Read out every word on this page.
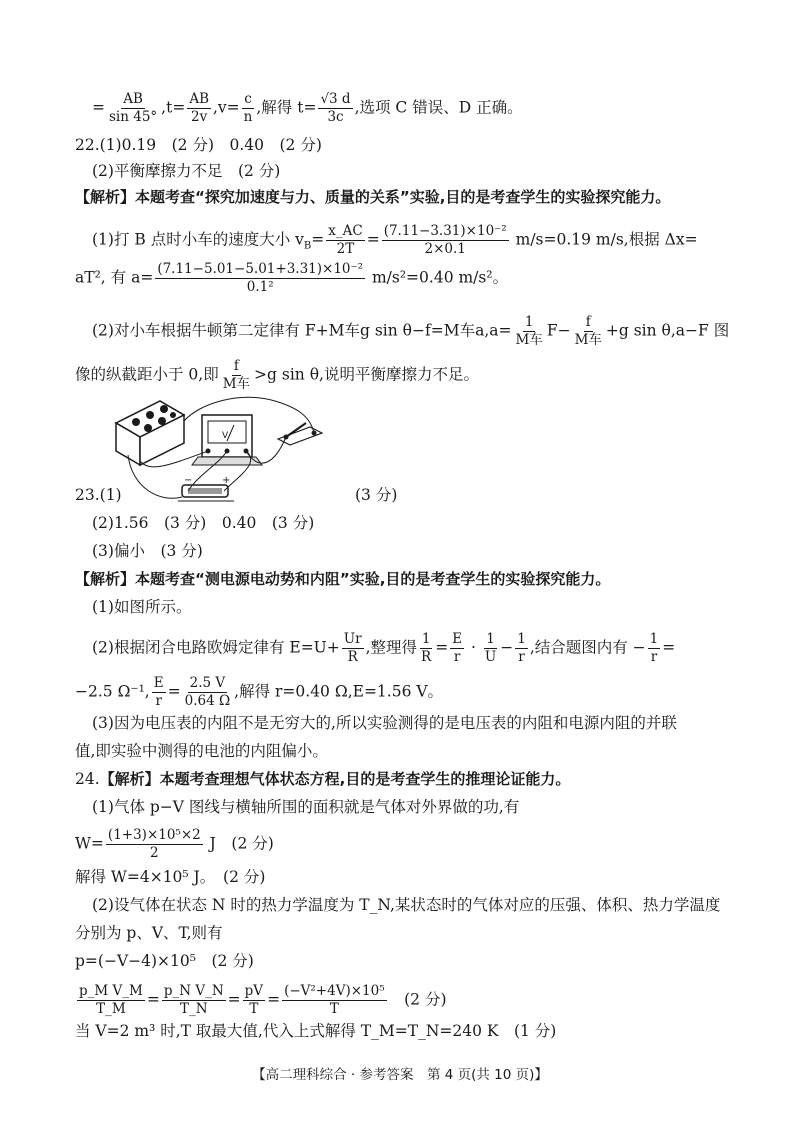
= $\frac{AB}{\sin 45^\circ} ,t= \frac{AB}{2v} ,v= \frac{c}{n}$ ,解得 $t= \frac{√3 d}{3c}$ ,选项 C 错误、D 正确。
22.(1)0.19　(2 分)　0.40　(2 分)
(2)平衡摩擦力不足　(2 分)
【解析】本题考查“探究加速度与力、质量的关系”实验,目的是考查学生的实验探究能力。
(1)打 B 点时小车的速度大小 $v_B= \frac{x\_AC}{2T} = \frac{\text{(7.11−3.31)×10⁻²}}{2\times 0.1} m/s=0.19$ m/s,根据 Δx=
aT², 有 $a= \frac{\text{(7.11−5.01−5.01+3.31)×10⁻²}}{\text{0.1²}} m/s^2=0.40$ m/s²。
(2)对小车根据牛顿第二定律有 F+M车g sin θ−f=M车$a,a= \frac{1}{\text{M车}} F- \frac{f}{\text{M车}} +g$ sin θ,a−F 图
像的纵截距小于 0,即 $\frac{f}{\text{M车}} >g$ sin θ,说明平衡摩擦力不足。
V
−	+
23.(1)	(3 分)
(2)1.56　(3 分)　0.40　(3 分)
(3)偏小　(3 分)
【解析】本题考查“测电源电动势和内阻”实验,目的是考查学生的实验探究能力。
(1)如图所示。
(2)根据闭合电路欧姆定律有 $E=U+ \frac{Ur}{R}$ ,整理得 $\frac{1}{R} = \frac{E}{r} \cdot \frac{1}{U} - \frac{1}{r}$ ,结合题图内有 − $\frac{1}{r}$ =
−2.5 Ω⁻¹, $\frac{E}{r} = \frac{2.5 V}{0.64 \Omega}$ ,解得 r=0.40 Ω,E=1.56 V。
(3)因为电压表的内阻不是无穷大的,所以实验测得的是电压表的内阻和电源内阻的并联
值,即实验中测得的电池的内阻偏小。
24.【解析】本题考查理想气体状态方程,目的是考查学生的推理论证能力。
(1)气体 p−V 图线与横轴所围的面积就是气体对外界做的功,有
$W= \frac{\text{(1+3)×10⁵×2}}{2}$ J　(2 分)
解得 W=4×10⁵ J。　(2 分)
(2)设气体在状态 N 时的热力学温度为 T_N,某状态时的气体对应的压强、体积、热力学温度
分别为 p、V、T,则有
p=(−V−4)×10⁵　(2 分)
$\frac{\text{p\_M V\_M}}{T\_M} = \frac{\text{p\_N V\_N}}{T\_N} = \frac{pV}{T} = \frac{\text{(−V²+4V)×10⁵}}{T}$ 　(2 分)
当 V=2 m³ 时,T 取最大值,代入上式解得 T_M=T_N=240 K　(1 分)
【高二理科综合 · 参考答案　第 4 页(共 10 页)】
